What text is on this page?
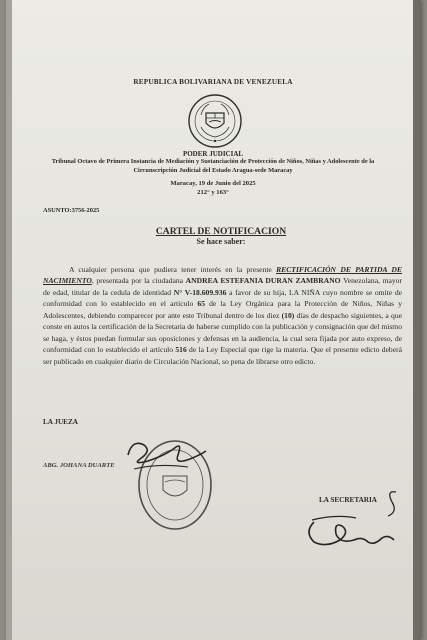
REPUBLICA BOLIVARIANA DE VENEZUELA
PODER JUDICIAL
Tribunal Octavo de Primera Instancia de Mediación y Sustanciación de Protección de Niños, Niñas y Adolescente de la Circunscripción Judicial del Estado Aragua-sede Maracay
Maracay, 19 de Junio del 2025
212° y 163°
ASUNTO:3756-2025
CARTEL DE NOTIFICACION
Se hace saber:
A cualquier persona que pudiera tener interés en la presente RECTIFICACIÓN DE PARTIDA DE NACIMIENTO, presentada por la ciudadana ANDREA ESTEFANIA DURAN ZAMBRANO Venezolana, mayor de edad, titular de la cedula de identidad N° V-18.609.936 a favor de su hija, LA NIÑA cuyo nombre se omite de conformidad con lo establecido en el artículo 65 de la Ley Orgánica para la Protección de Niños, Niñas y Adolescentes, debiendo comparecer por ante este Tribunal dentro de los diez (10) días de despacho siguientes, a que conste en autos la certificación de la Secretaria de haberse cumplido con la publicación y consignación que del mismo se haga, y éstos puedan formular sus oposiciones y defensas en la audiencia, la cual sera fijada por auto expreso, de conformidad con lo establecido el artículo 516 de la Ley Especial que rige la materia. Que el presente edicto deberá ser publicado en cualquier diario de Circulación Nacional, so pena de librarse otro edicto.
LA JUEZA
ABG. JOHANA DUARTE
LA SECRETARIA
